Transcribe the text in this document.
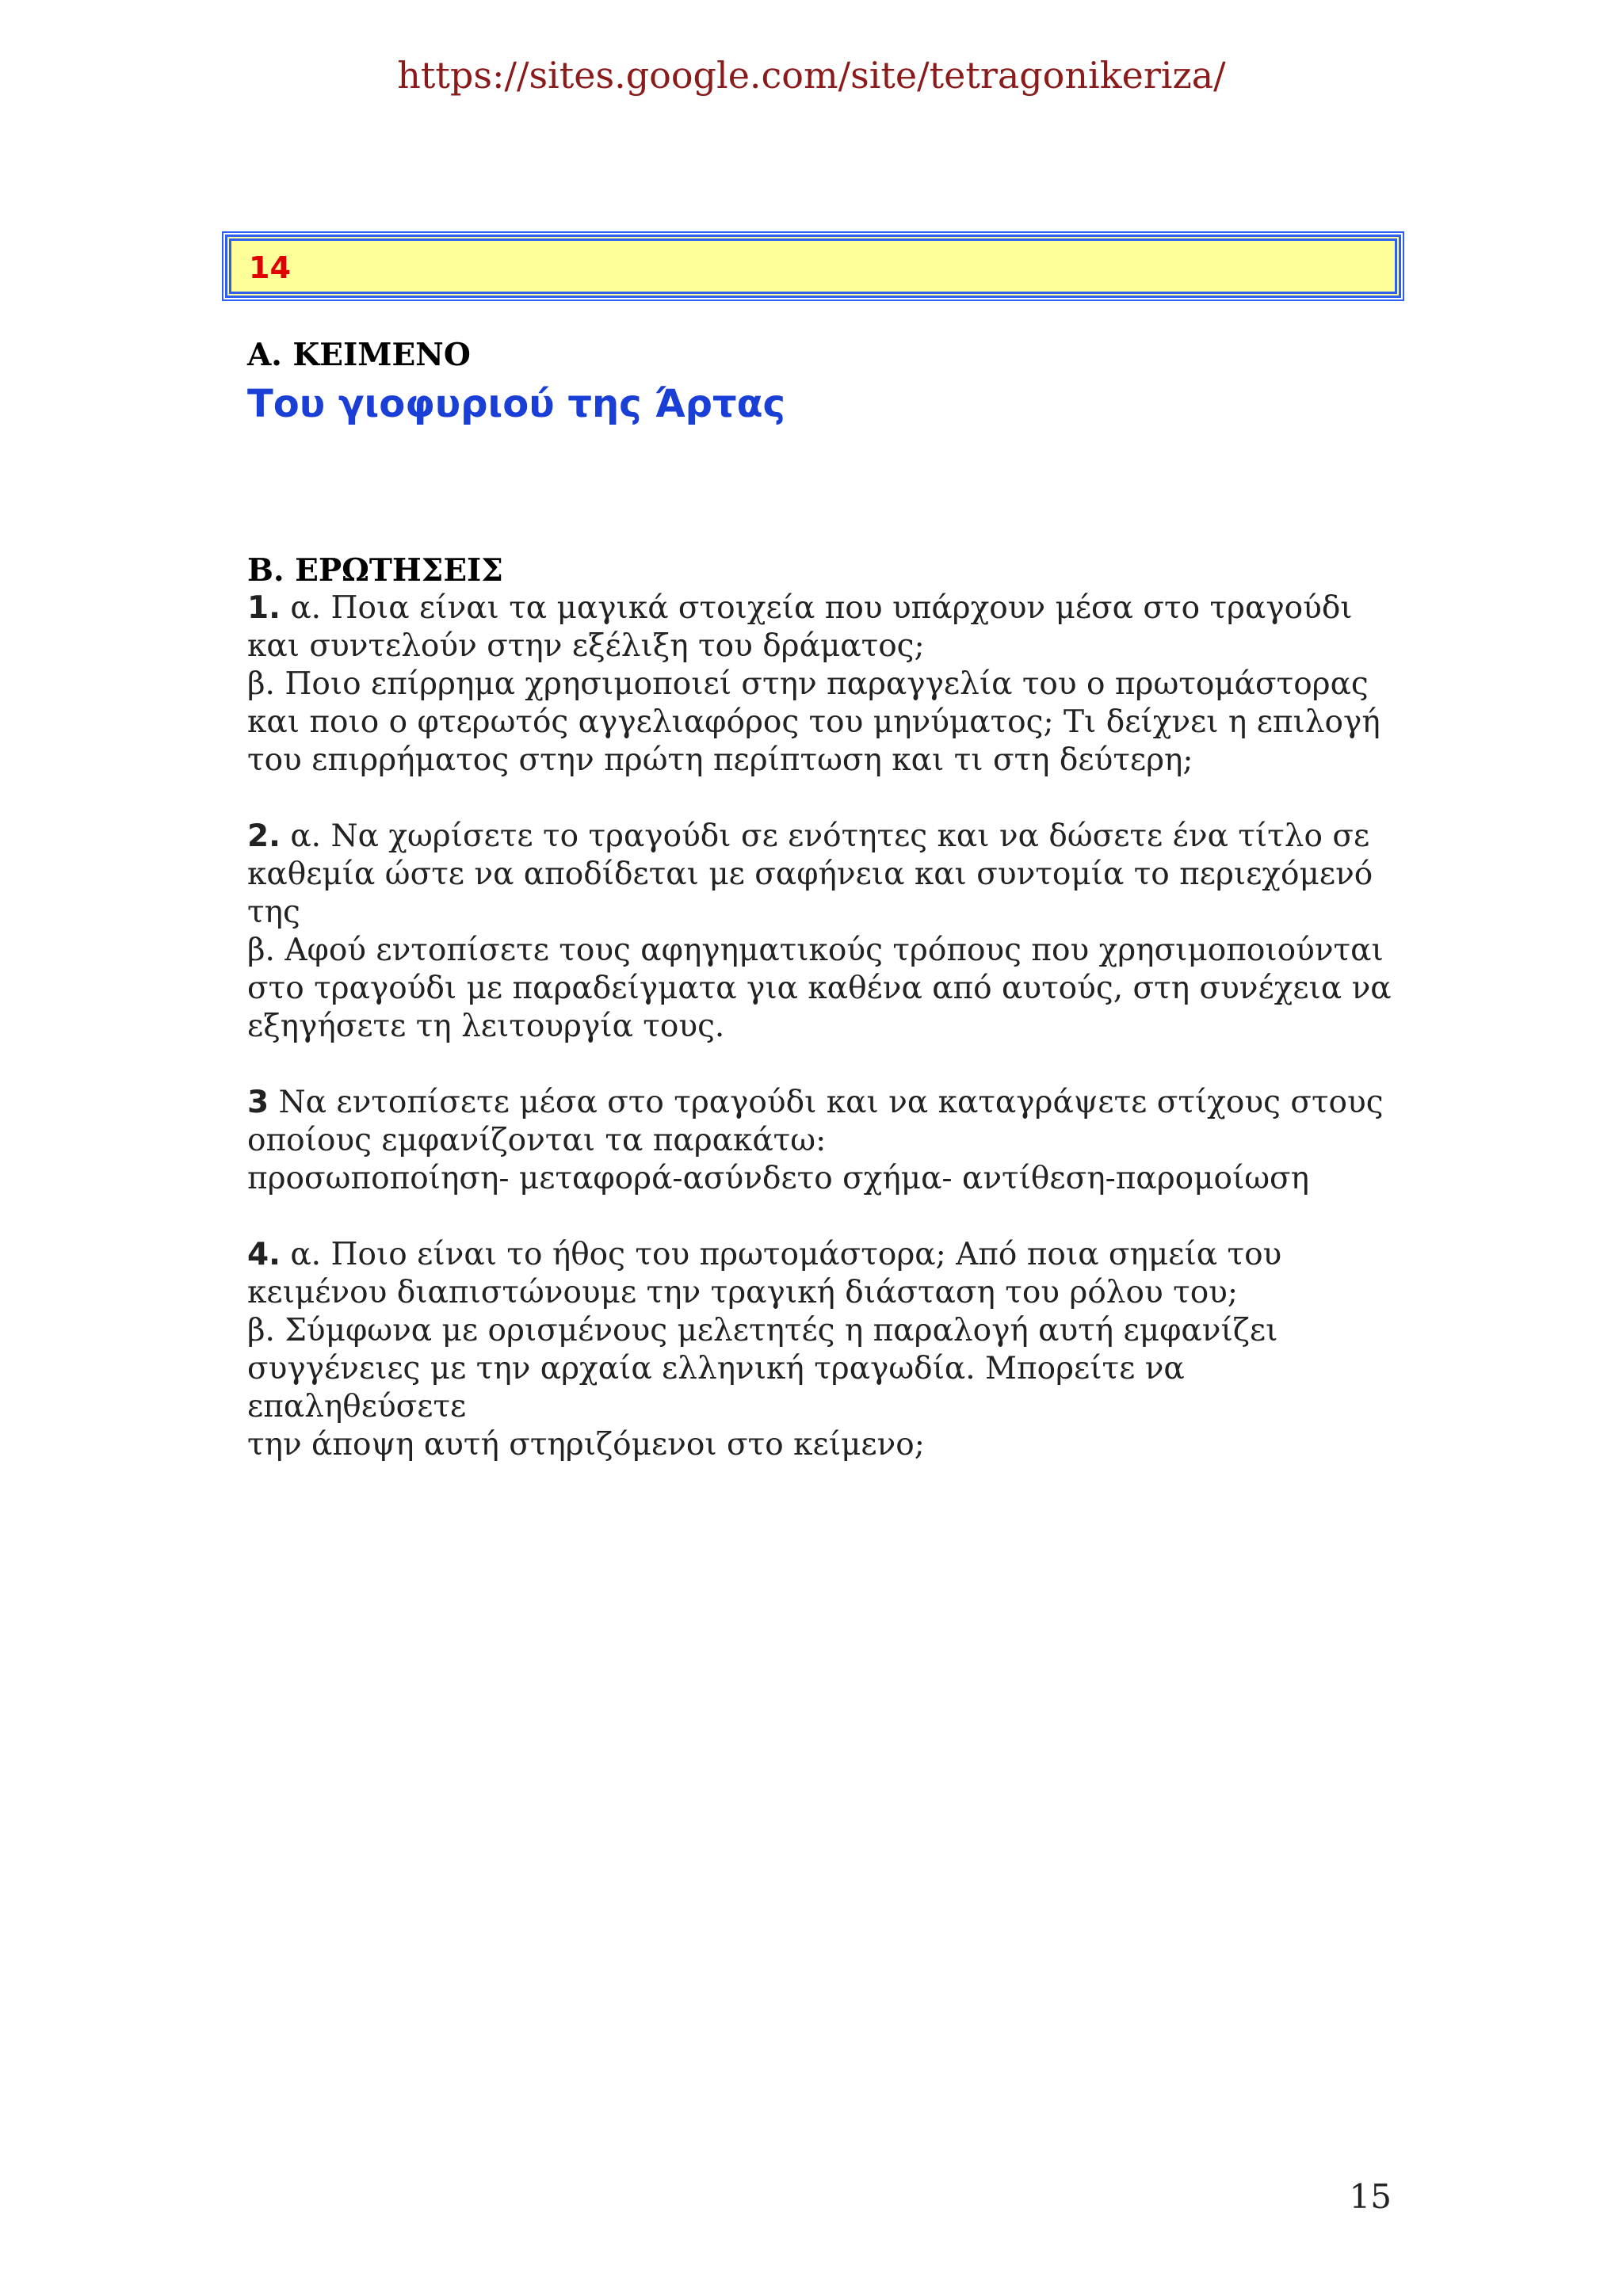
https://sites.google.com/site/tetragonikeriza/
14

Α. ΚΕΙΜΕΝΟ

Του γιοφυριού της Άρτας

Β. ΕΡΩΤΗΣΕΙΣ

1. α. Ποια είναι τα μαγικά στοιχεία που υπάρχουν μέσα στο τραγούδι

και συντελούν στην εξέλιξη του δράματος;

β. Ποιο επίρρημα χρησιμοποιεί στην παραγγελία του ο πρωτομάστορας

και ποιο ο φτερωτός αγγελιαφόρος του μηνύματος; Τι δείχνει η επιλογή

του επιρρήματος στην πρώτη περίπτωση και τι στη δεύτερη;

2. α. Να χωρίσετε το τραγούδι σε ενότητες και να δώσετε ένα τίτλο σε

καθεμία ώστε να αποδίδεται με σαφήνεια και συντομία το περιεχόμενό

της

β. Αφού εντοπίσετε τους αφηγηματικούς τρόπους που χρησιμοποιούνται

στο τραγούδι με παραδείγματα για καθένα από αυτούς, στη συνέχεια να

εξηγήσετε τη λειτουργία τους.

3 Να εντοπίσετε μέσα στο τραγούδι και να καταγράψετε στίχους στους

οποίους εμφανίζονται τα παρακάτω:

προσωποποίηση- μεταφορά-ασύνδετο σχήμα- αντίθεση-παρομοίωση

4. α. Ποιο είναι το ήθος του πρωτομάστορα; Από ποια σημεία του

κειμένου διαπιστώνουμε την τραγική διάσταση του ρόλου του;

β. Σύμφωνα με ορισμένους μελετητές η παραλογή αυτή εμφανίζει

συγγένειες με την αρχαία ελληνική τραγωδία. Μπορείτε να επαληθεύσετε

την άποψη αυτή στηριζόμενοι στο κείμενο;

15
